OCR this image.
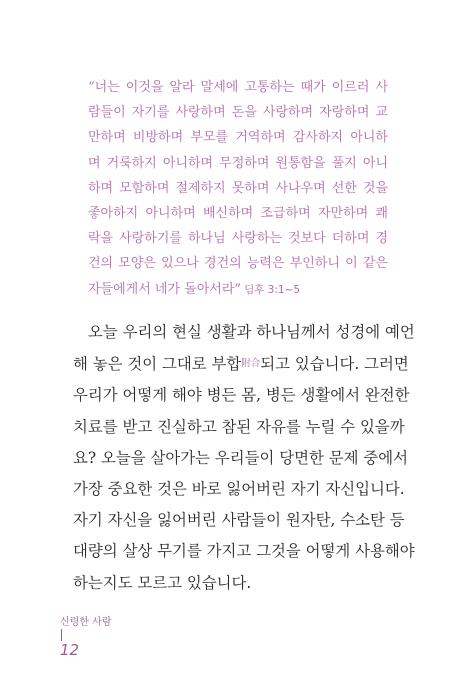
“너는 이것을 알라 말세에 고통하는 때가 이르러 사
람들이 자기를 사랑하며 돈을 사랑하며 자랑하며 교
만하며 비방하며 부모를 거역하며 감사하지 아니하
며 거룩하지 아니하며 무정하며 원통함을 풀지 아니
하며 모함하며 절제하지 못하며 사나우며 선한 것을
좋아하지 아니하며 배신하며 조급하며 자만하며 쾌
락을 사랑하기를 하나님 사랑하는 것보다 더하며 경
건의 모양은 있으나 경건의 능력은 부인하니 이 같은
자들에게서 네가 돌아서라” 딤후 3:1~5
오늘 우리의 현실 생활과 하나님께서 성경에 예언
해 놓은 것이 그대로 부합附合되고 있습니다. 그러면
우리가 어떻게 해야 병든 몸, 병든 생활에서 완전한
치료를 받고 진실하고 참된 자유를 누릴 수 있을까
요? 오늘을 살아가는 우리들이 당면한 문제 중에서
가장 중요한 것은 바로 잃어버린 자기 자신입니다.
자기 자신을 잃어버린 사람들이 원자탄, 수소탄 등
대량의 살상 무기를 가지고 그것을 어떻게 사용해야
하는지도 모르고 있습니다.
신령한 사람
12
